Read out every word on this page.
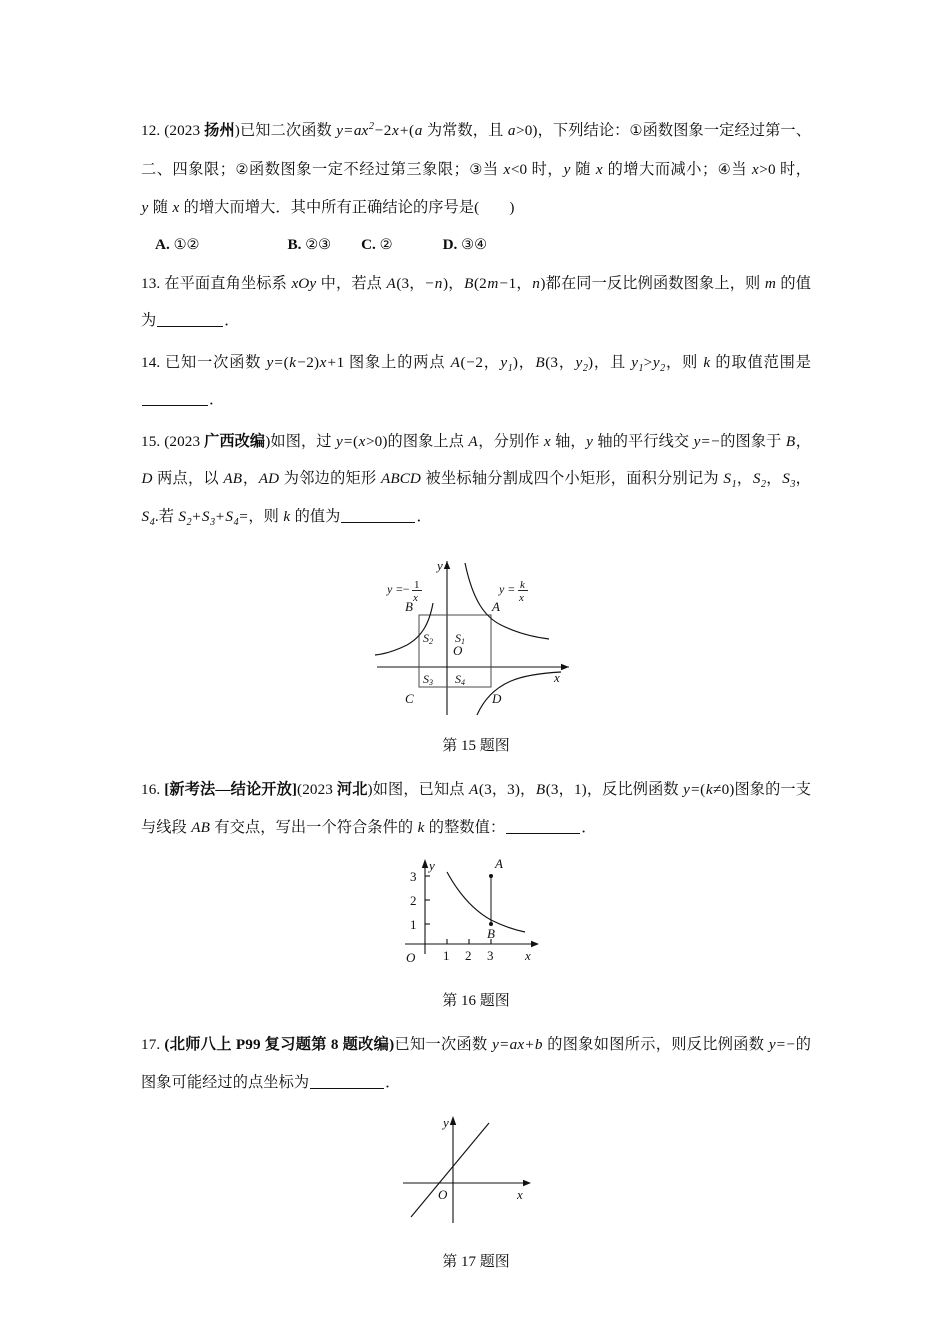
12. (2023 扬州)已知二次函数 $y=ax^2-2x+(a$ 为常数，且 a>0)，下列结论：①函数图象一定经过第一、二、四象限；②函数图象一定不经过第三象限；③当 x<0 时，y 随 x 的增大而减小；④当 x>0 时，y 随 x 的增大而增大．其中所有正确结论的序号是( )
A. ①②	B. ②③ C. ②	D. ③④
13. 在平面直角坐标系 xOy 中，若点 A(3，−n)，B(2m−1，n)都在同一反比例函数图象上，则 m 的值为	．
14. 已知一次函数 y=(k−2)x+1 图象上的两点 A(−2，$y_1$)，B(3，$y_2$)，且 $y_1>y_2$，则 k 的取值范围是．
15. (2023 广西改编)如图，过 y=(x>0)的图象上点 A，分别作 x 轴，y 轴的平行线交 y=−的图象于 B，D 两点，以 AB，AD 为邻边的矩形 ABCD 被坐标轴分割成四个小矩形，面积分别记为 $S_1$，$S_2$，$S_3$，$S_4$.若 $S_2+S_3+S_4=$，则 k 的值为	．
x
y
O
A
B
C	D
S1
S2
S3 S4
y =− 1
x
y = k
x
第 15 题图
16. [新考法—结论开放](2023 河北)如图，已知点 A(3，3)，B(3，1)，反比例函数 y=(k≠0)图象的一支与线段 AB 有交点，写出一个符合条件的 k 的整数值：	．
1 2 3
1
2
3
x
y
O
A
B
第 16 题图
17. (北师八上 P99 复习题第 8 题改编)已知一次函数 y=ax+b 的图象如图所示，则反比例函数 y=−的图象可能经过的点坐标为	．
x
y
O
第 17 题图
